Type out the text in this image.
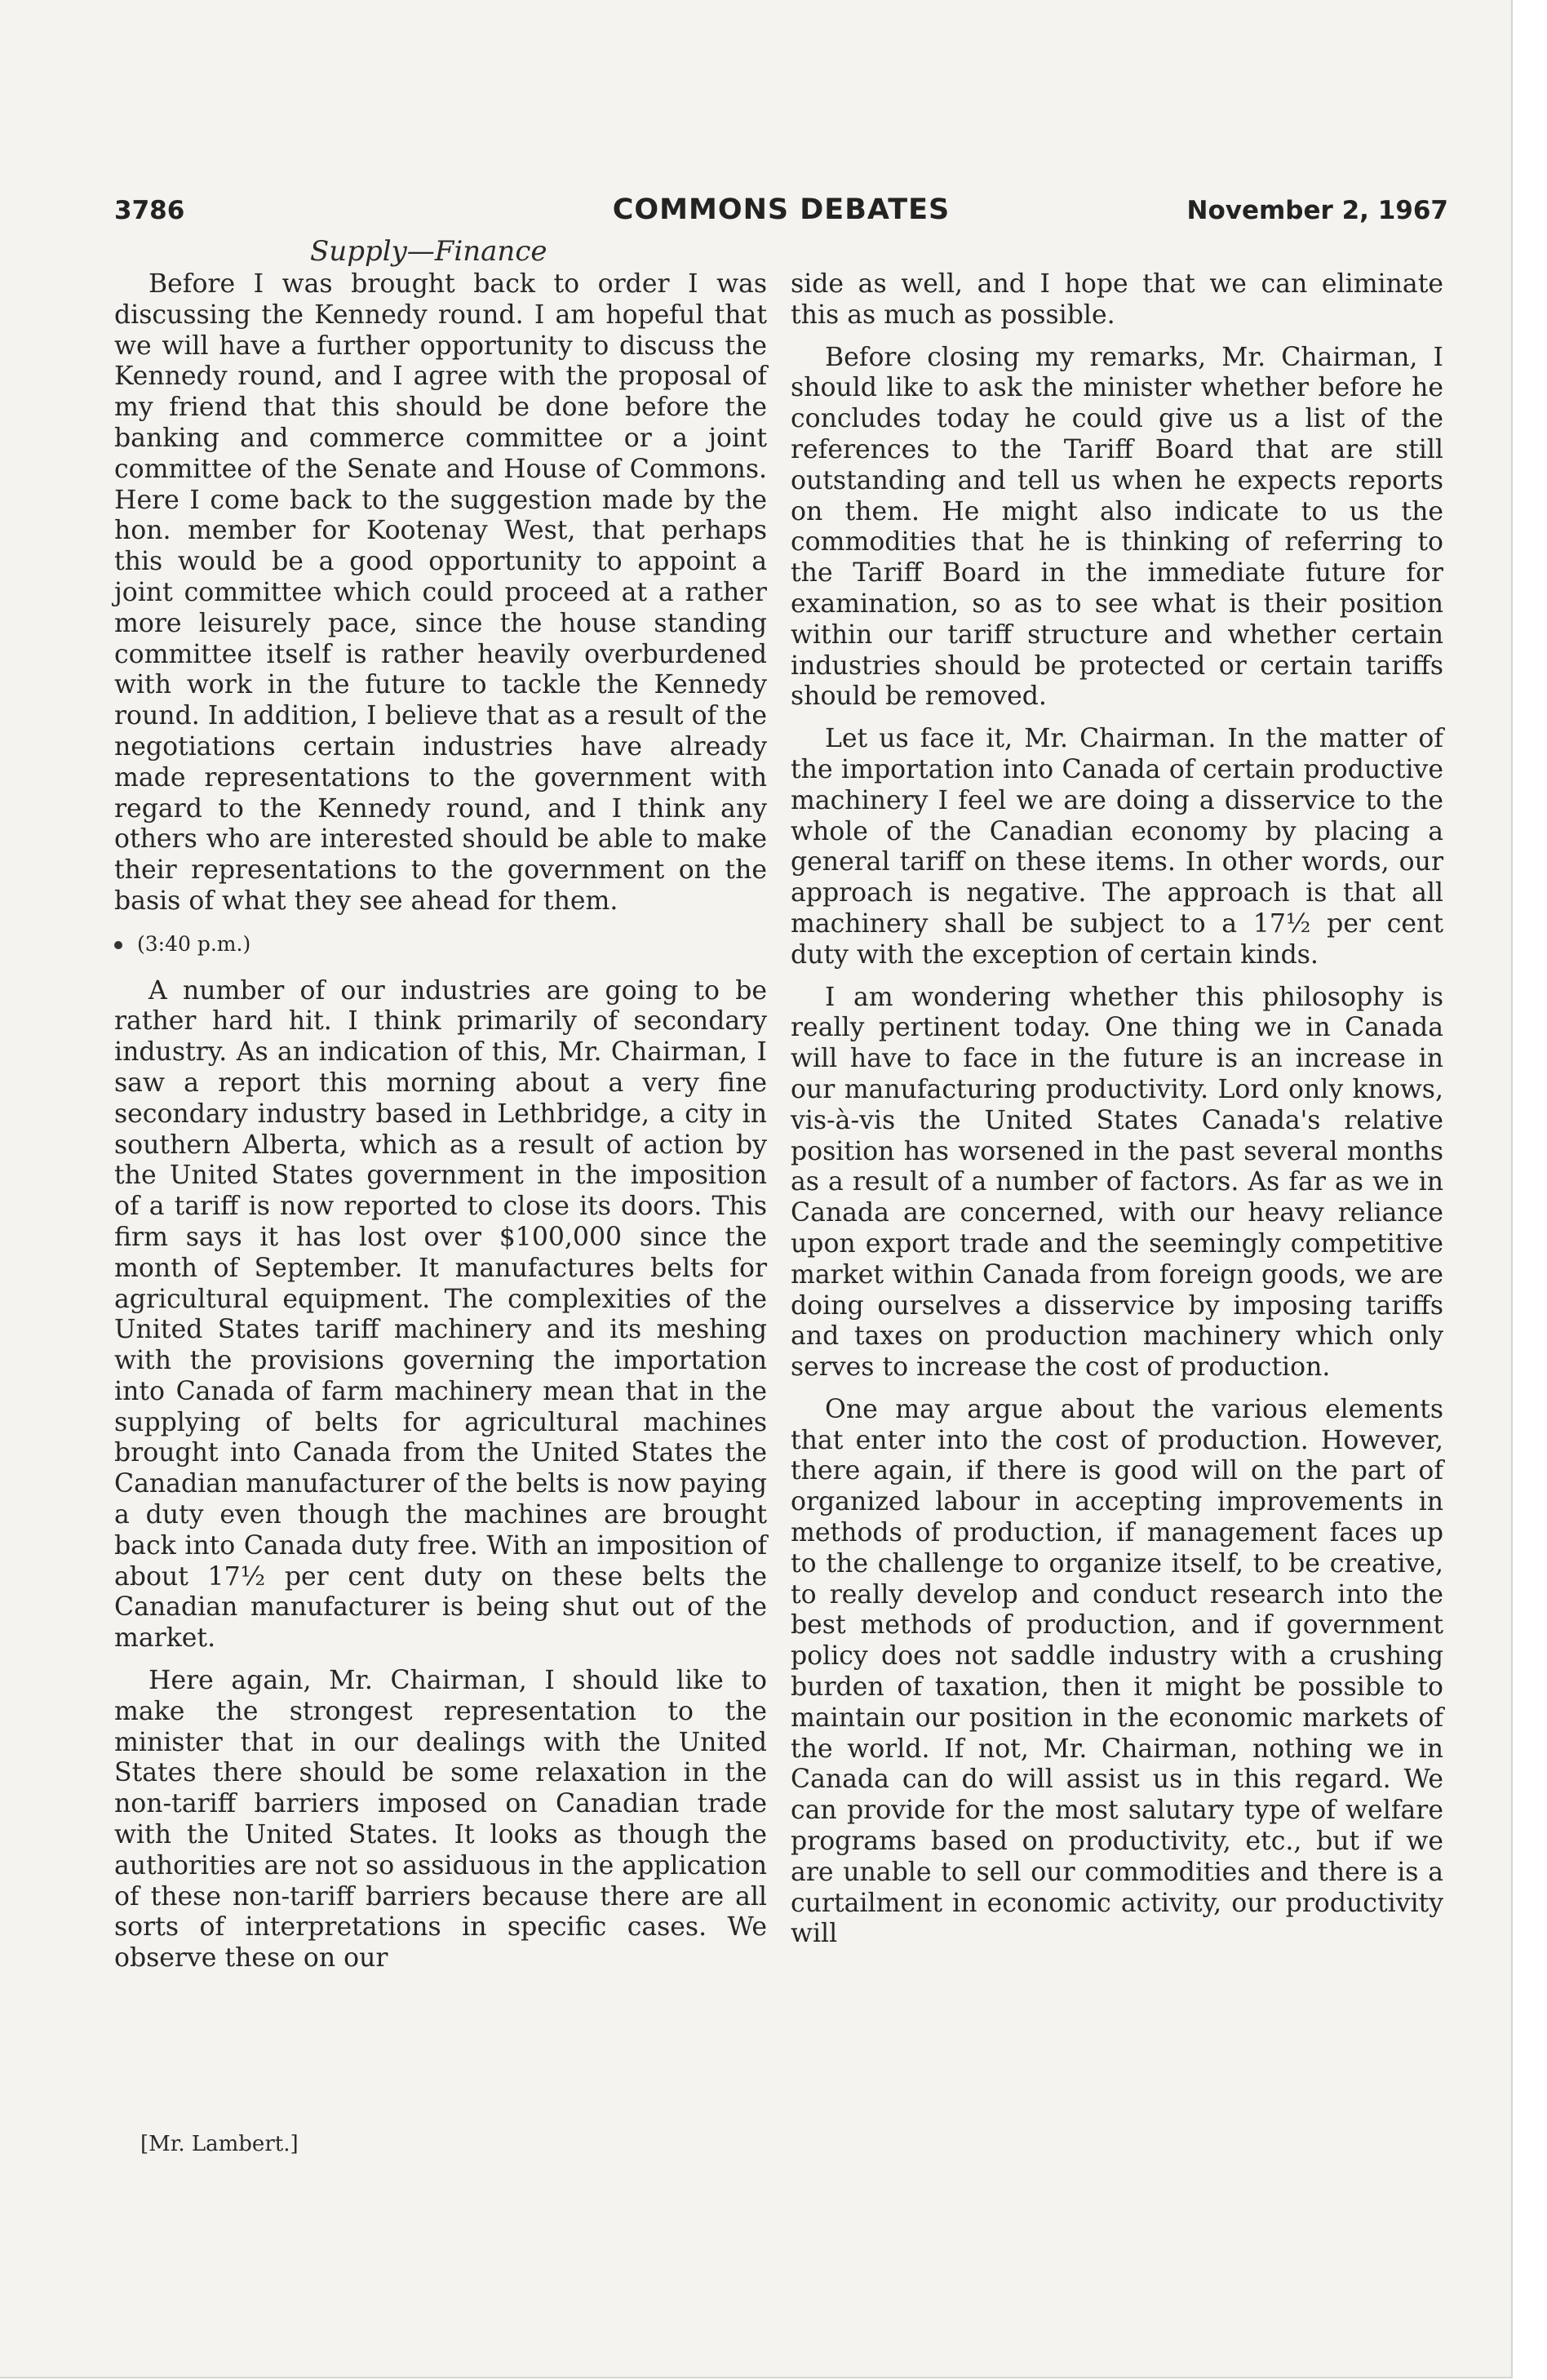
3786	COMMONS DEBATES	November 2, 1967
Supply—Finance

Before I was brought back to order I was discussing the Kennedy round. I am hopeful that we will have a further opportunity to discuss the Kennedy round, and I agree with the proposal of my friend that this should be done before the banking and commerce committee or a joint committee of the Senate and House of Commons. Here I come back to the suggestion made by the hon. member for Kootenay West, that perhaps this would be a good opportunity to appoint a joint committee which could proceed at a rather more leisurely pace, since the house standing committee itself is rather heavily overburdened with work in the future to tackle the Kennedy round. In addition, I believe that as a result of the negotiations certain industries have already made representations to the government with regard to the Kennedy round, and I think any others who are interested should be able to make their representations to the government on the basis of what they see ahead for them.

(3:40 p.m.)

A number of our industries are going to be rather hard hit. I think primarily of secondary industry. As an indication of this, Mr. Chairman, I saw a report this morning about a very fine secondary industry based in Lethbridge, a city in southern Alberta, which as a result of action by the United States government in the imposition of a tariff is now reported to close its doors. This firm says it has lost over $100,000 since the month of September. It manufactures belts for agricultural equipment. The complexities of the United States tariff machinery and its meshing with the provisions governing the importation into Canada of farm machinery mean that in the supplying of belts for agricultural machines brought into Canada from the United States the Canadian manufacturer of the belts is now paying a duty even though the machines are brought back into Canada duty free. With an imposition of about 17½ per cent duty on these belts the Canadian manufacturer is being shut out of the market.

Here again, Mr. Chairman, I should like to make the strongest representation to the minister that in our dealings with the United States there should be some relaxation in the non-tariff barriers imposed on Canadian trade with the United States. It looks as though the authorities are not so assiduous in the application of these non-tariff barriers because there are all sorts of interpretations in specific cases. We observe these on our

[Mr. Lambert.]

side as well, and I hope that we can eliminate this as much as possible.

Before closing my remarks, Mr. Chairman, I should like to ask the minister whether before he concludes today he could give us a list of the references to the Tariff Board that are still outstanding and tell us when he expects reports on them. He might also indicate to us the commodities that he is thinking of referring to the Tariff Board in the immediate future for examination, so as to see what is their position within our tariff structure and whether certain industries should be protected or certain tariffs should be removed.

Let us face it, Mr. Chairman. In the matter of the importation into Canada of certain productive machinery I feel we are doing a disservice to the whole of the Canadian economy by placing a general tariff on these items. In other words, our approach is negative. The approach is that all machinery shall be subject to a 17½ per cent duty with the exception of certain kinds.

I am wondering whether this philosophy is really pertinent today. One thing we in Canada will have to face in the future is an increase in our manufacturing productivity. Lord only knows, vis-à-vis the United States Canada's relative position has worsened in the past several months as a result of a number of factors. As far as we in Canada are concerned, with our heavy reliance upon export trade and the seemingly competitive market within Canada from foreign goods, we are doing ourselves a disservice by imposing tariffs and taxes on production machinery which only serves to increase the cost of production.

One may argue about the various elements that enter into the cost of production. However, there again, if there is good will on the part of organized labour in accepting improvements in methods of production, if management faces up to the challenge to organize itself, to be creative, to really develop and conduct research into the best methods of production, and if government policy does not saddle industry with a crushing burden of taxation, then it might be possible to maintain our position in the economic markets of the world. If not, Mr. Chairman, nothing we in Canada can do will assist us in this regard. We can provide for the most salutary type of welfare programs based on productivity, etc., but if we are unable to sell our commodities and there is a curtailment in economic activity, our productivity will
